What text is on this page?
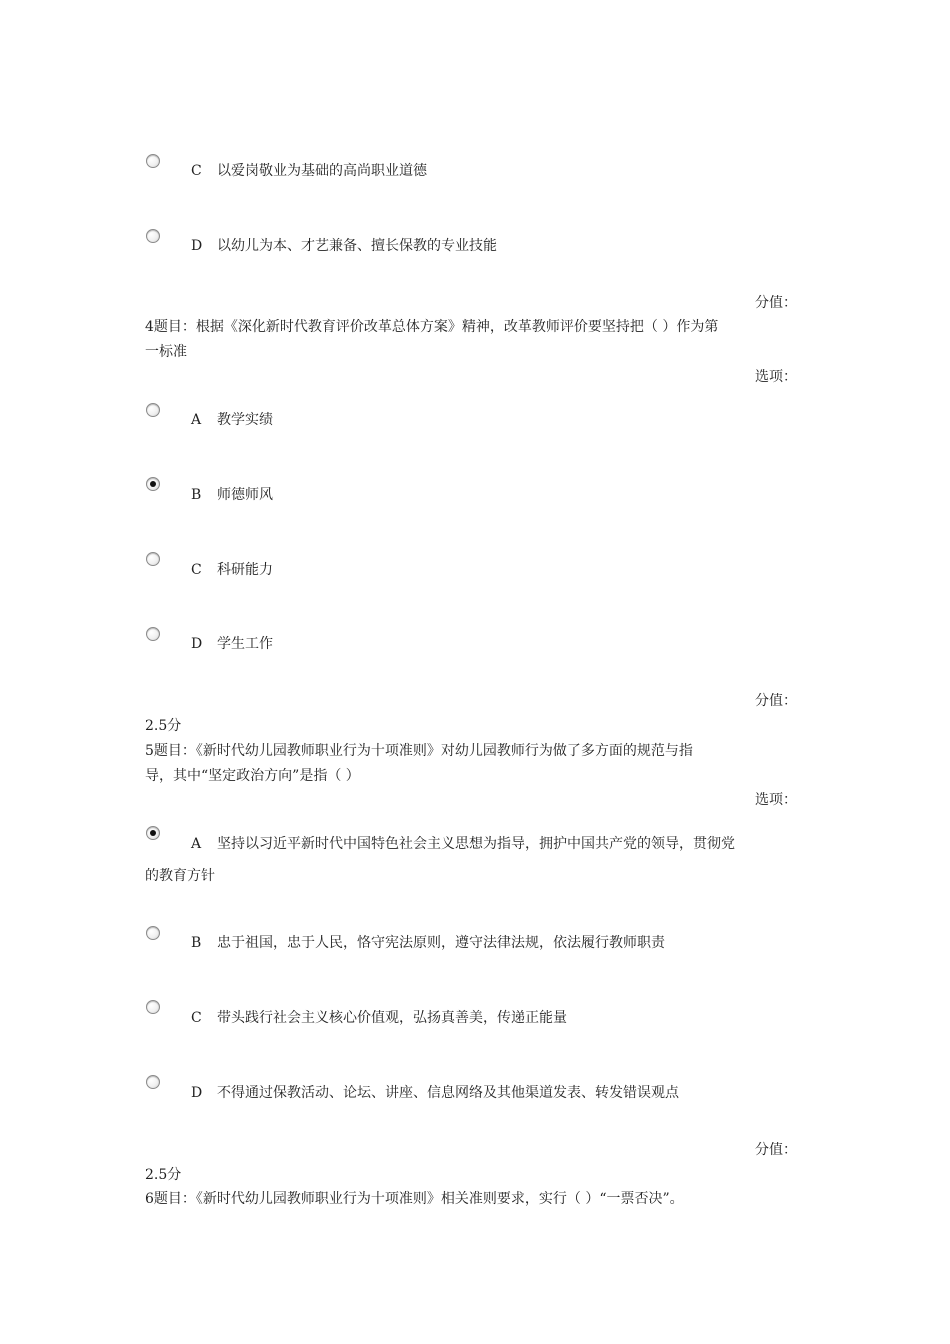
C 以爱岗敬业为基础的高尚职业道德
D 以幼儿为本、才艺兼备、擅长保教的专业技能
分值：
4题目：根据《深化新时代教育评价改革总体方案》精神，改革教师评价要坚持把（ ）作为第
一标准
选项：
A 教学实绩
B 师德师风
C 科研能力
D 学生工作
分值：
2.5分
5题目：《新时代幼儿园教师职业行为十项准则》对幼儿园教师行为做了多方面的规范与指
导，其中“坚定政治方向”是指（ ）
选项：
A 坚持以习近平新时代中国特色社会主义思想为指导，拥护中国共产党的领导，贯彻党
的教育方针
B 忠于祖国，忠于人民，恪守宪法原则，遵守法律法规，依法履行教师职责
C 带头践行社会主义核心价值观，弘扬真善美，传递正能量
D 不得通过保教活动、论坛、讲座、信息网络及其他渠道发表、转发错误观点
分值：
2.5分
6题目：《新时代幼儿园教师职业行为十项准则》相关准则要求，实行（ ）“一票否决”。
